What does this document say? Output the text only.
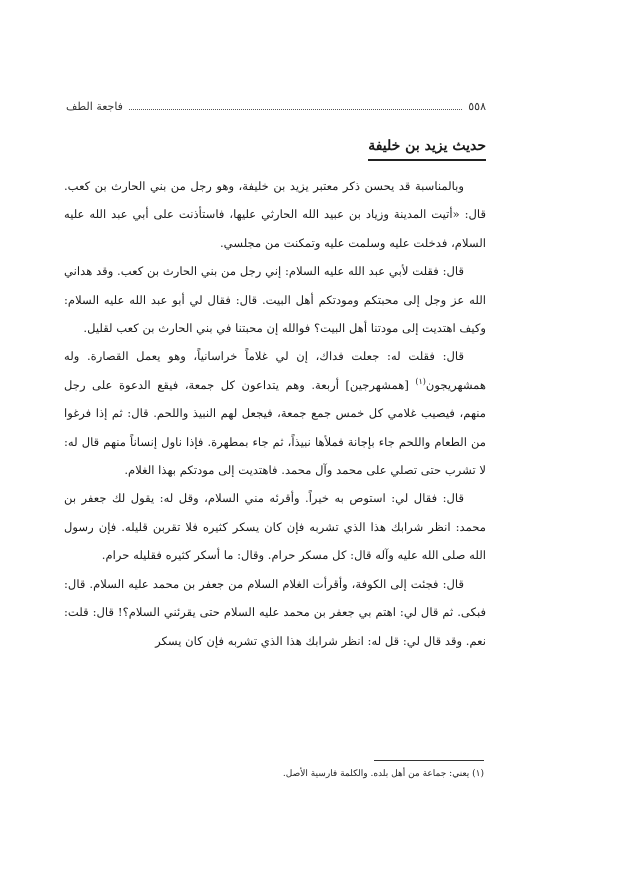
٥٥٨
فاجعة الطف
حديث يزيد بن خليفة

وبالمناسبة قد يحسن ذكر معتبر يزيد بن خليفة، وهو رجل من بني الحارث بن كعب. قال: «أتيت المدينة وزياد بن عبيد الله الحارثي عليها، فاستأذنت على أبي عبد الله عليه السلام، فدخلت عليه وسلمت عليه وتمكنت من مجلسي.

قال: فقلت لأبي عبد الله عليه السلام: إني رجل من بني الحارث بن كعب. وقد هداني الله عز وجل إلى محبتكم ومودتكم أهل البيت. قال: فقال لي أبو عبد الله عليه السلام: وكيف اهتديت إلى مودتنا أهل البيت؟ فوالله إن محبتنا في بني الحارث بن كعب لقليل.

قال: فقلت له: جعلت فداك، إن لي غلاماً خراسانياً، وهو يعمل القصارة. وله همشهريجون$^{(١)}$ [همشهرجين] أربعة. وهم يتداعون كل جمعة، فيقع الدعوة على رجل منهم، فيصيب غلامي كل خمس جمع جمعة، فيجعل لهم النبيذ واللحم. قال: ثم إذا فرغوا من الطعام واللحم جاء بإجانة فملأها نبيذاً، ثم جاء بمطهرة. فإذا ناول إنساناً منهم قال له: لا تشرب حتى تصلي على محمد وآل محمد. فاهتديت إلى مودتكم بهذا الغلام.

قال: فقال لي: استوص به خيراً. وأقرئه مني السلام، وقل له: يقول لك جعفر بن محمد: انظر شرابك هذا الذي تشربه فإن كان يسكر كثيره فلا تقربن قليله. فإن رسول الله صلى الله عليه وآله قال: كل مسكر حرام. وقال: ما أسكر كثيره فقليله حرام.

قال: فجئت إلى الكوفة، وأقرأت الغلام السلام من جعفر بن محمد عليه السلام. قال: فبكى. ثم قال لي: اهتم بي جعفر بن محمد عليه السلام حتى يقرئني السلام؟! قال: قلت: نعم. وقد قال لي: قل له: انظر شرابك هذا الذي تشربه فإن كان يسكر

(١) يعني: جماعة من أهل بلده. والكلمة فارسية الأصل.
